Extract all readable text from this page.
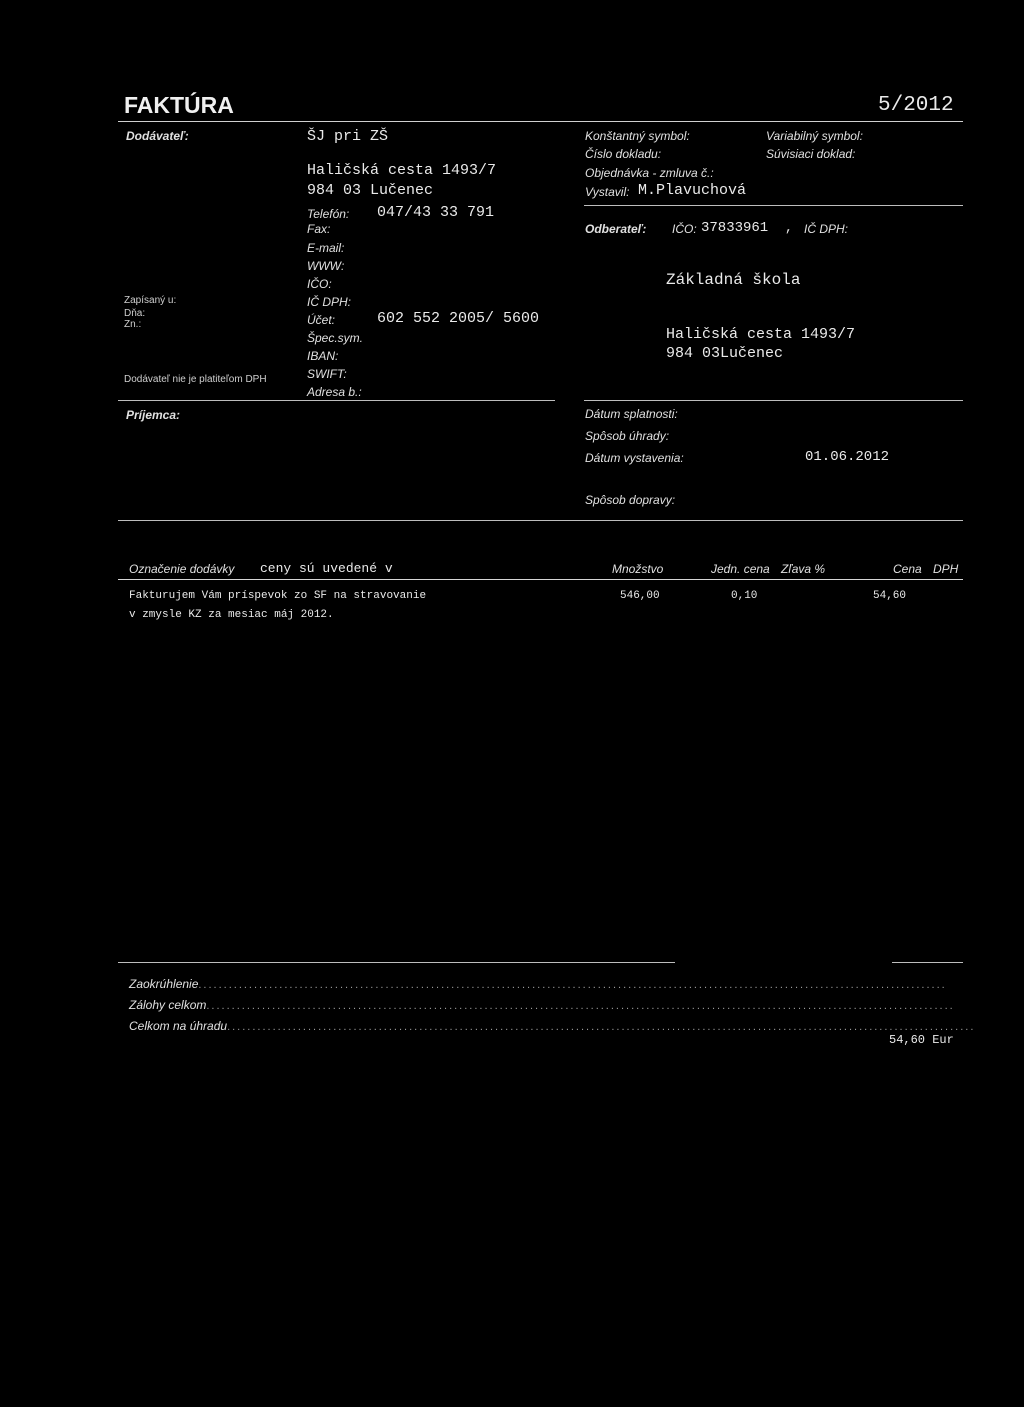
FAKTÚRA	5/2012
Dodávateľ:	ŠJ pri ZŠ
Haličská cesta 1493/7
984 03 Lučenec
Telefón: 047/43 33 791
Fax:
E-mail:
WWW:
IČO:
IČ DPH:
Účet:	602 552 2005/ 5600
Špec.sym.
IBAN:
SWIFT:
Adresa b.:
Zapísaný u:
Dňa:
Zn.:
Dodávateľ nie je platiteľom DPH
Konštantný symbol:	Variabilný symbol:
Číslo dokladu:	Súvisiaci doklad:
Objednávka - zmluva č.:
Vystavil: M.Plavuchová
Odberateľ: IČO: 37833961 , IČ DPH:
Základná škola
Haličská cesta 1493/7
984 03Lučenec
Príjemca:	Dátum splatnosti:
Spôsob úhrady:
Dátum vystavenia:	01.06.2012
Spôsob dopravy:
Označenie dodávky ceny sú uvedené v	Množstvo	Jedn. cena Zľava %	Cena DPH
Fakturujem Vám príspevok zo SF na stravovanie
v zmysle KZ za mesiac máj 2012.
546,00	0,10	54,60
Zaokrúhlenie....................................................................................................................................................
Zálohy celkom....................................................................................................................................................
Celkom na úhradu....................................................................................................................................................
54,60 Eur
